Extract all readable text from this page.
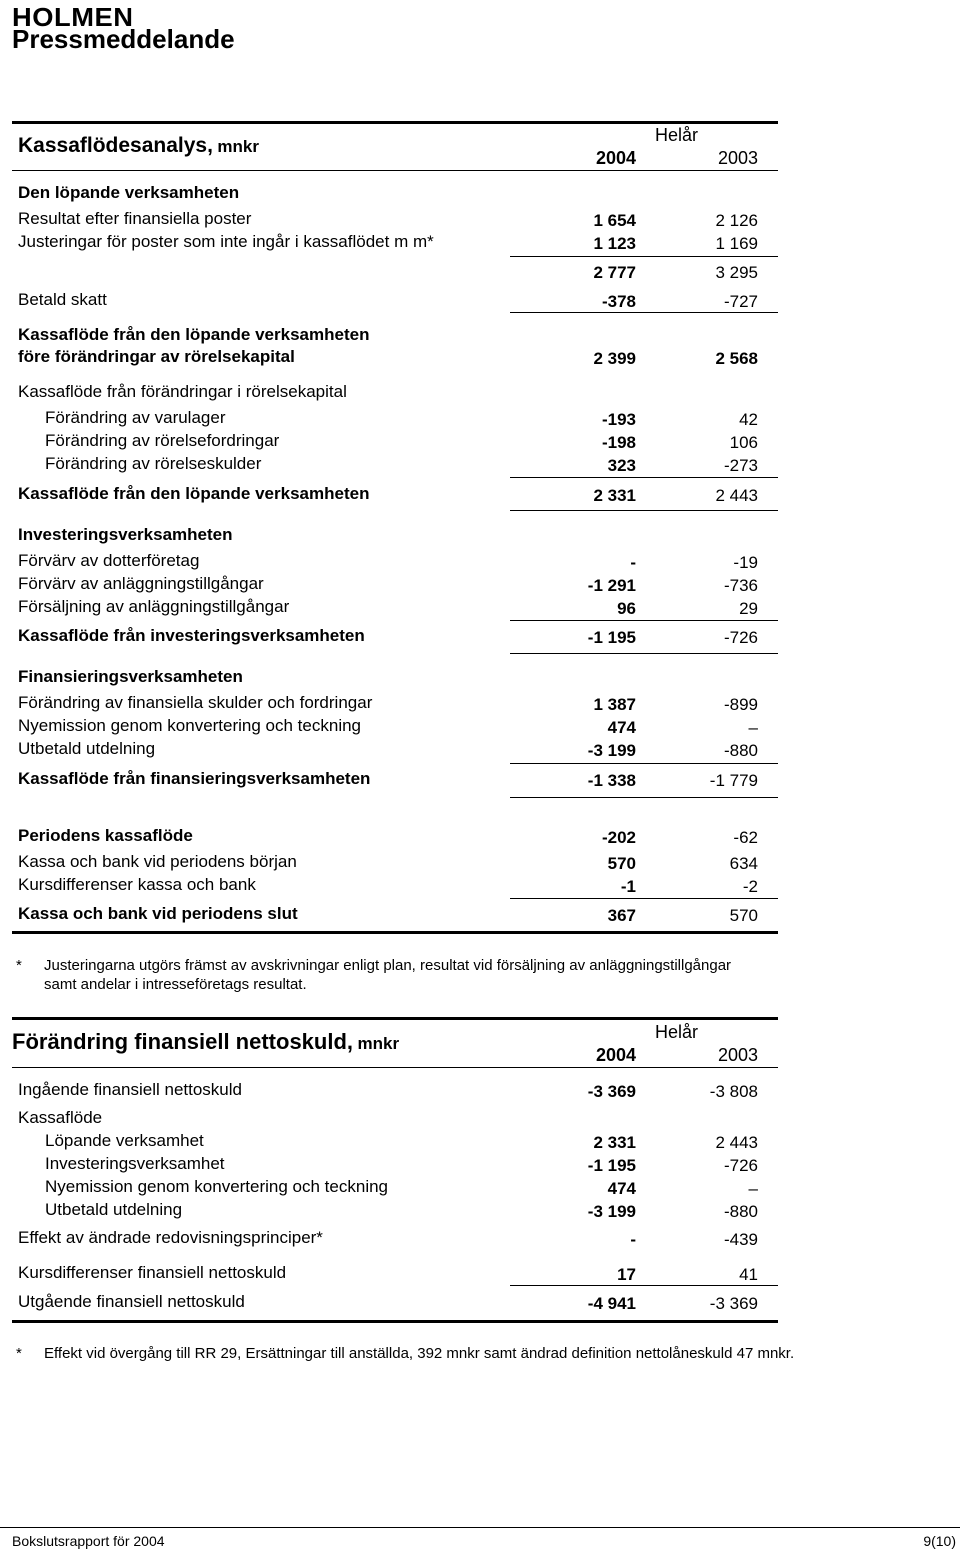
HOLMEN
Pressmeddelande
Kassaflödesanalys, mnkr
Helår
2004	2003
Den löpande verksamheten
Resultat efter finansiella poster	1 654	2 126
Justeringar för poster som inte ingår i kassaflödet m m*	1 123	1 169
2 777	3 295
Betald skatt	-378	-727
Kassaflöde från den löpande verksamheten
före förändringar av rörelsekapital	2 399	2 568
Kassaflöde från förändringar i rörelsekapital
Förändring av varulager	-193	42
Förändring av rörelsefordringar	-198	106
Förändring av rörelseskulder	323	-273
Kassaflöde från den löpande verksamheten	2 331	2 443
Investeringsverksamheten
Förvärv av dotterföretag	-	-19
Förvärv av anläggningstillgångar	-1 291	-736
Försäljning av anläggningstillgångar	96	29
Kassaflöde från investeringsverksamheten	-1 195	-726
Finansieringsverksamheten
Förändring av finansiella skulder och fordringar	1 387	-899
Nyemission genom konvertering och teckning	474	–
Utbetald utdelning	-3 199	-880
Kassaflöde från finansieringsverksamheten	-1 338	-1 779
Periodens kassaflöde	-202	-62
Kassa och bank vid periodens början	570	634
Kursdifferenser kassa och bank	-1	-2
Kassa och bank vid periodens slut	367	570
* Justeringarna utgörs främst av avskrivningar enligt plan, resultat vid försäljning av anläggningstillgångar
samt andelar i intresseföretags resultat.
Förändring finansiell nettoskuld, mnkr
Helår
2004	2003
Ingående finansiell nettoskuld	-3 369	-3 808
Kassaflöde
Löpande verksamhet	2 331	2 443
Investeringsverksamhet	-1 195	-726
Nyemission genom konvertering och teckning	474	–
Utbetald utdelning	-3 199	-880
Effekt av ändrade redovisningsprinciper*	-	-439
Kursdifferenser finansiell nettoskuld	17	41
Utgående finansiell nettoskuld	-4 941	-3 369
* Effekt vid övergång till RR 29, Ersättningar till anställda, 392 mnkr samt ändrad definition nettolåneskuld 47 mnkr.
Bokslutsrapport för 2004	9(10)
